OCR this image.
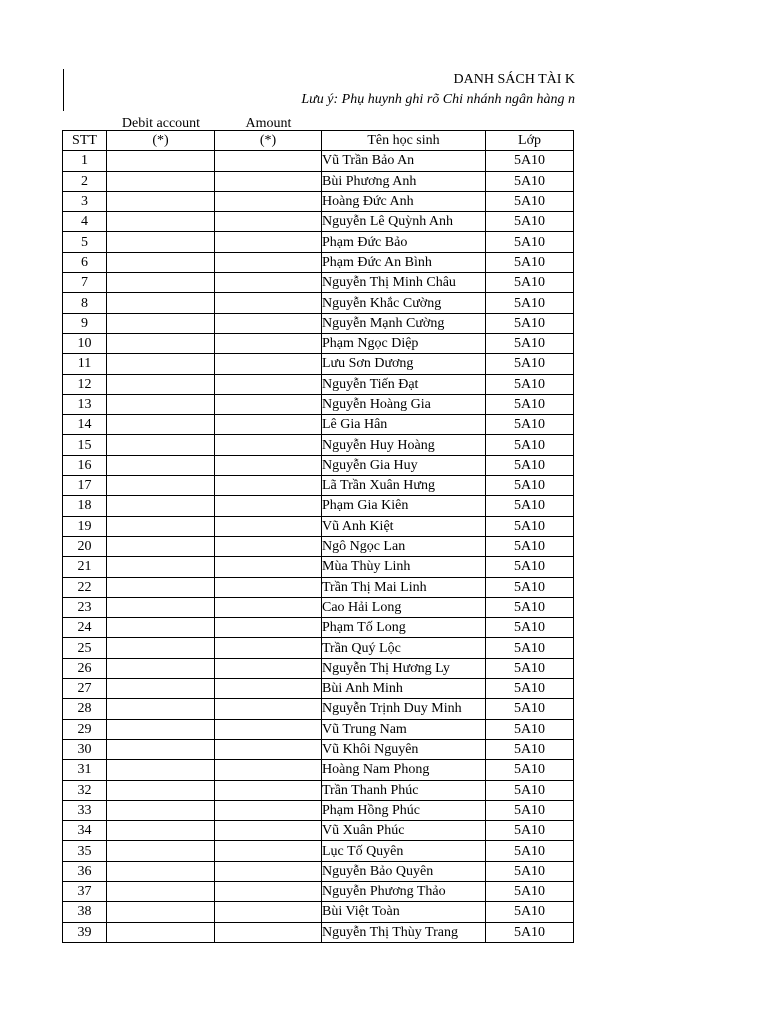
DANH SÁCH TÀI K
Lưu ý: Phụ huynh ghi rõ Chi nhánh ngân hàng n
Debit account	Amount
STT	(*)	(*)	Tên học sinh	Lớp
1			Vũ Trần Bảo An	5A10
2			Bùi Phương Anh	5A10
3			Hoàng Đức Anh	5A10
4			Nguyễn Lê Quỳnh Anh	5A10
5			Phạm Đức Bảo	5A10
6			Phạm Đức An Bình	5A10
7			Nguyễn Thị Minh Châu	5A10
8			Nguyễn Khắc Cường	5A10
9			Nguyễn Mạnh Cường	5A10
10			Phạm Ngọc Diệp	5A10
11			Lưu Sơn Dương	5A10
12			Nguyễn Tiến Đạt	5A10
13			Nguyễn Hoàng Gia	5A10
14			Lê Gia Hân	5A10
15			Nguyễn Huy Hoàng	5A10
16			Nguyễn Gia Huy	5A10
17			Lã Trần Xuân Hưng	5A10
18			Phạm Gia Kiên	5A10
19			Vũ Anh Kiệt	5A10
20			Ngô Ngọc Lan	5A10
21			Mùa Thùy Linh	5A10
22			Trần Thị Mai Linh	5A10
23			Cao Hải Long	5A10
24			Phạm Tố Long	5A10
25			Trần Quý Lộc	5A10
26			Nguyễn Thị Hương Ly	5A10
27			Bùi Anh Minh	5A10
28			Nguyễn Trịnh Duy Minh	5A10
29			Vũ Trung Nam	5A10
30			Vũ Khôi Nguyên	5A10
31			Hoàng Nam Phong	5A10
32			Trần Thanh Phúc	5A10
33			Phạm Hồng Phúc	5A10
34			Vũ Xuân Phúc	5A10
35			Lục Tố Quyên	5A10
36			Nguyễn Bảo Quyên	5A10
37			Nguyễn Phương Thảo	5A10
38			Bùi Việt Toàn	5A10
39			Nguyễn Thị Thùy Trang	5A10
